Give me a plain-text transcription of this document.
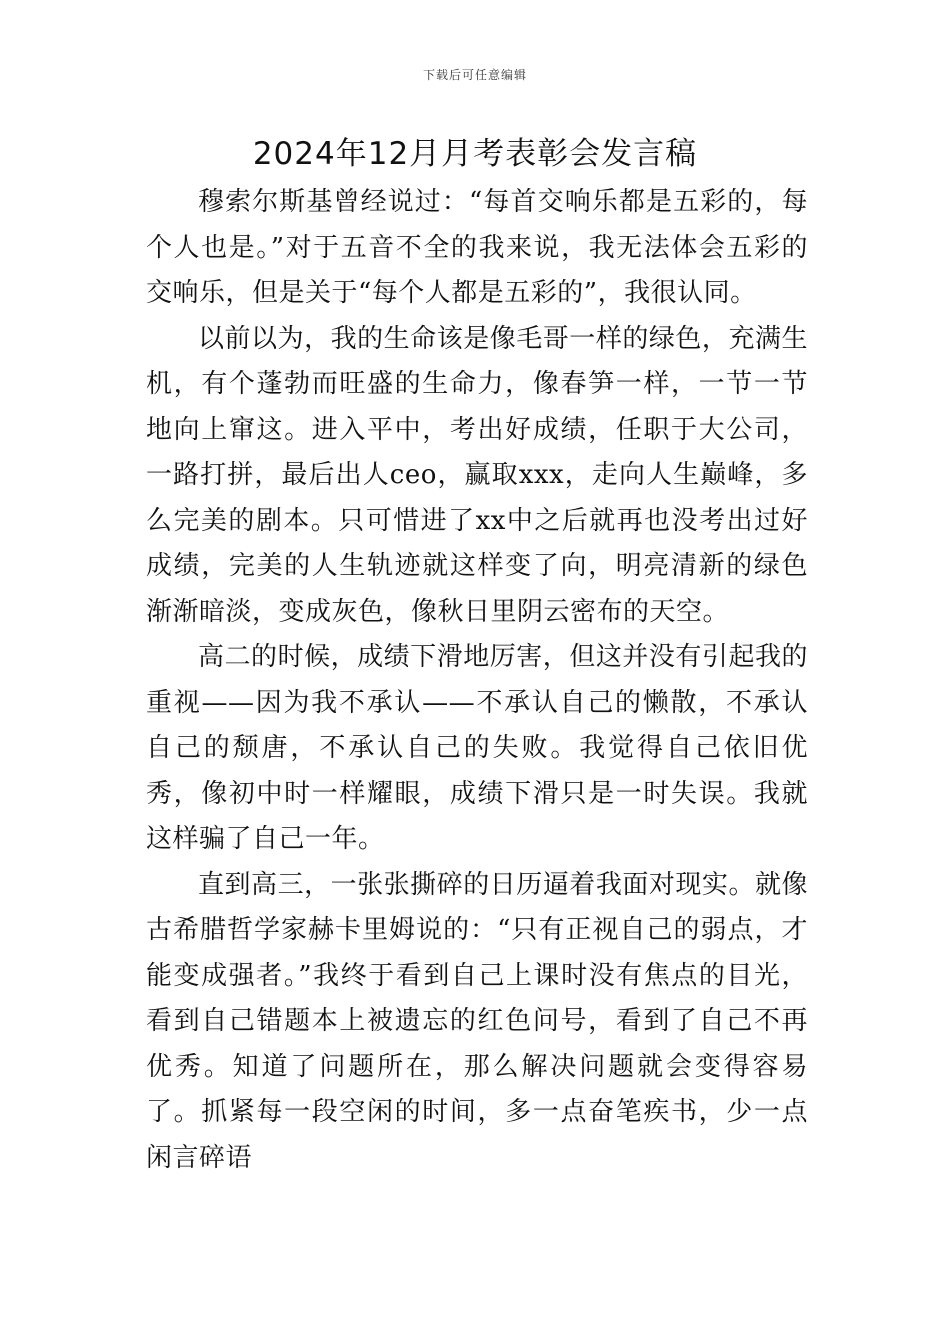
下载后可任意编辑
2024年12月月考表彰会发言稿

穆索尔斯基曾经说过：“每首交响乐都是五彩的，每个人也是。”对于五音不全的我来说，我无法体会五彩的交响乐，但是关于“每个人都是五彩的”，我很认同。

以前以为，我的生命该是像毛哥一样的绿色，充满生机，有个蓬勃而旺盛的生命力，像春笋一样，一节一节地向上窜这。进入平中，考出好成绩，任职于大公司，一路打拼，最后出人ceo，赢取xxx，走向人生巅峰，多么完美的剧本。只可惜进了xx中之后就再也没考出过好成绩，完美的人生轨迹就这样变了向，明亮清新的绿色渐渐暗淡，变成灰色，像秋日里阴云密布的天空。

高二的时候，成绩下滑地厉害，但这并没有引起我的重视——因为我不承认——不承认自己的懒散，不承认自己的颓唐，不承认自己的失败。我觉得自己依旧优秀，像初中时一样耀眼，成绩下滑只是一时失误。我就这样骗了自己一年。

直到高三，一张张撕碎的日历逼着我面对现实。就像古希腊哲学家赫卡里姆说的：“只有正视自己的弱点，才能变成强者。”我终于看到自己上课时没有焦点的目光，看到自己错题本上被遗忘的红色问号，看到了自己不再优秀。知道了问题所在，那么解决问题就会变得容易了。抓紧每一段空闲的时间，多一点奋笔疾书，少一点闲言碎语
